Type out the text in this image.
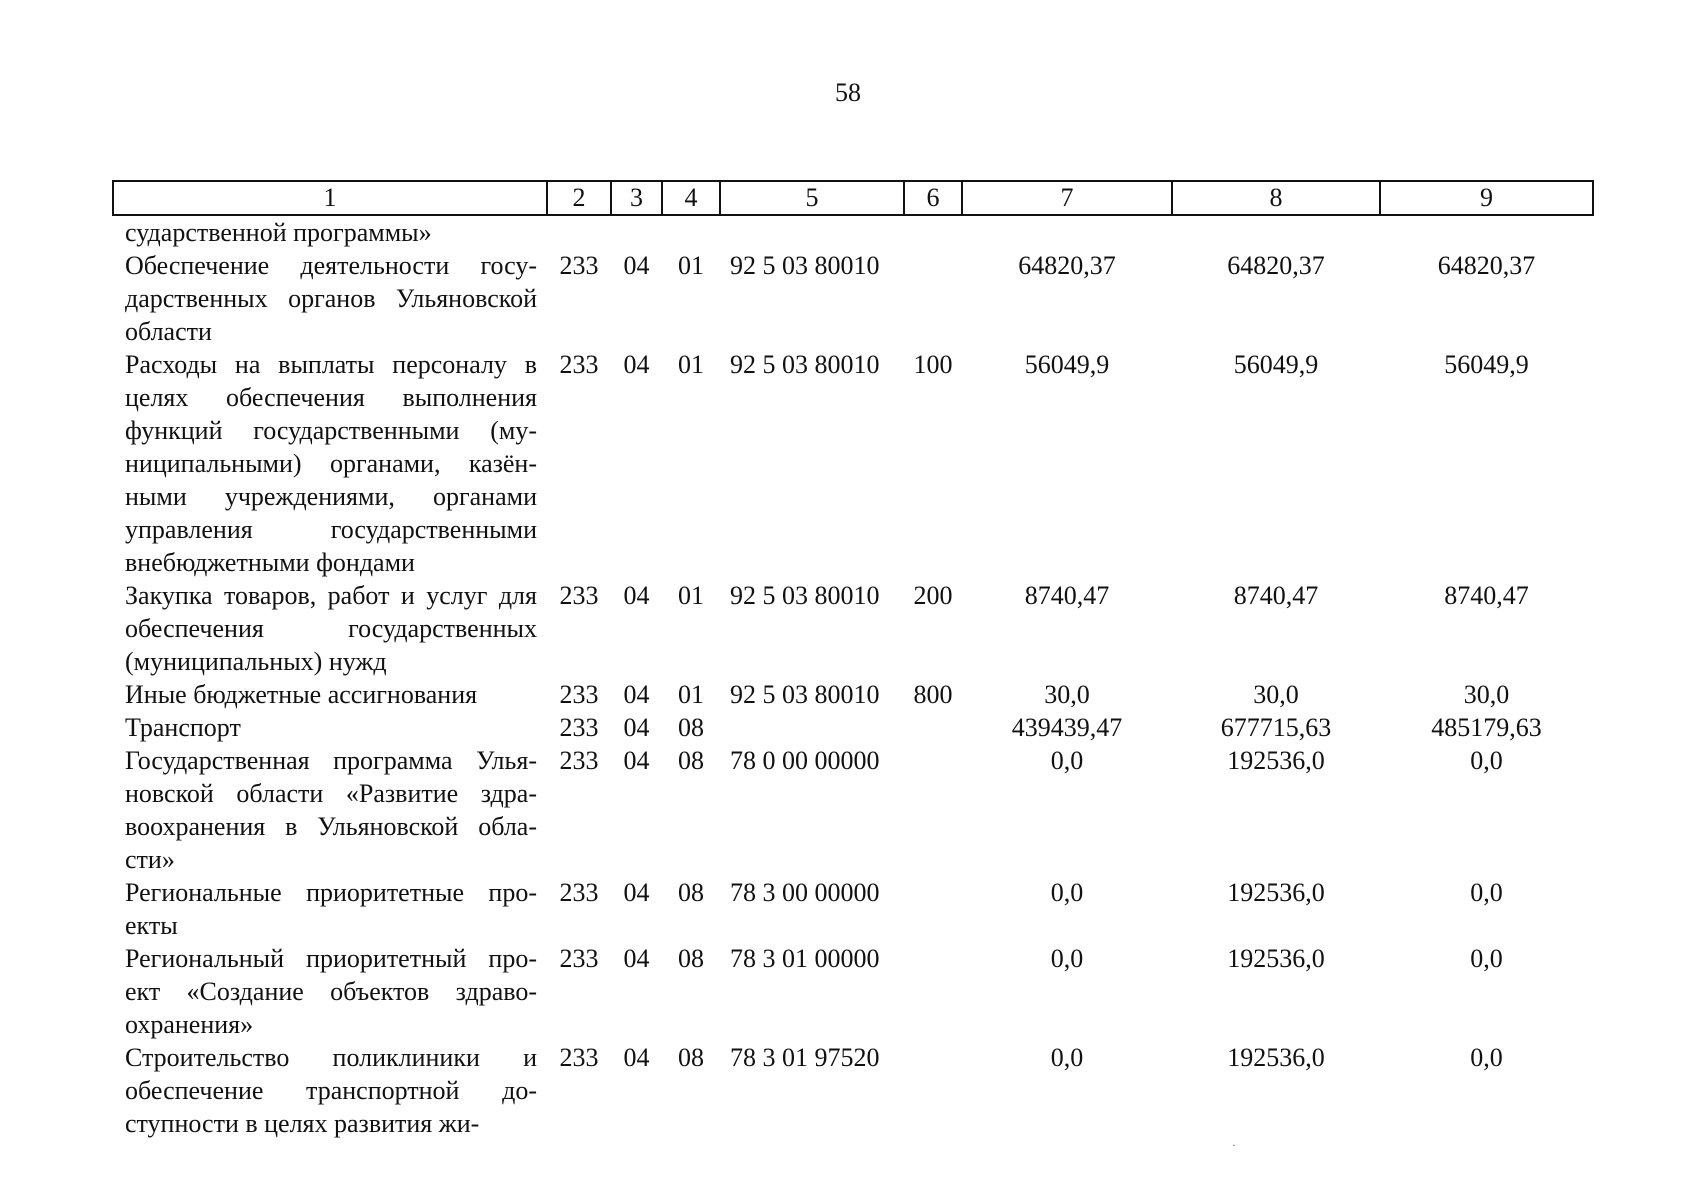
58
1	2	3	4	5	6	7	8	9
сударственной программы»								
Обеспечение деятельности госу-дарственных органов Ульяновской области	233	04	01	92 5 03 80010		64820,37	64820,37	64820,37
Расходы на выплаты персоналу в целях обеспечения выполнения функций государственными (му-ниципальными) органами, казён-ными учреждениями, органами управления государственными внебюджетными фондами	233	04	01	92 5 03 80010	100	56049,9	56049,9	56049,9
Закупка товаров, работ и услуг для обеспечения государственных (муниципальных) нужд	233	04	01	92 5 03 80010	200	8740,47	8740,47	8740,47
Иные бюджетные ассигнования	233	04	01	92 5 03 80010	800	30,0	30,0	30,0
Транспорт	233	04	08			439439,47	677715,63	485179,63
Государственная программа Улья-новской области «Развитие здра-воохранения в Ульяновской обла-сти»	233	04	08	78 0 00 00000		0,0	192536,0	0,0
Региональные приоритетные про-екты	233	04	08	78 3 00 00000		0,0	192536,0	0,0
Региональный приоритетный про-ект «Создание объектов здраво-охранения»	233	04	08	78 3 01 00000		0,0	192536,0	0,0
Строительство поликлиники и обеспечение транспортной до-ступности в целях развития жи-	233	04	08	78 3 01 97520		0,0	192536,0	0,0
·
